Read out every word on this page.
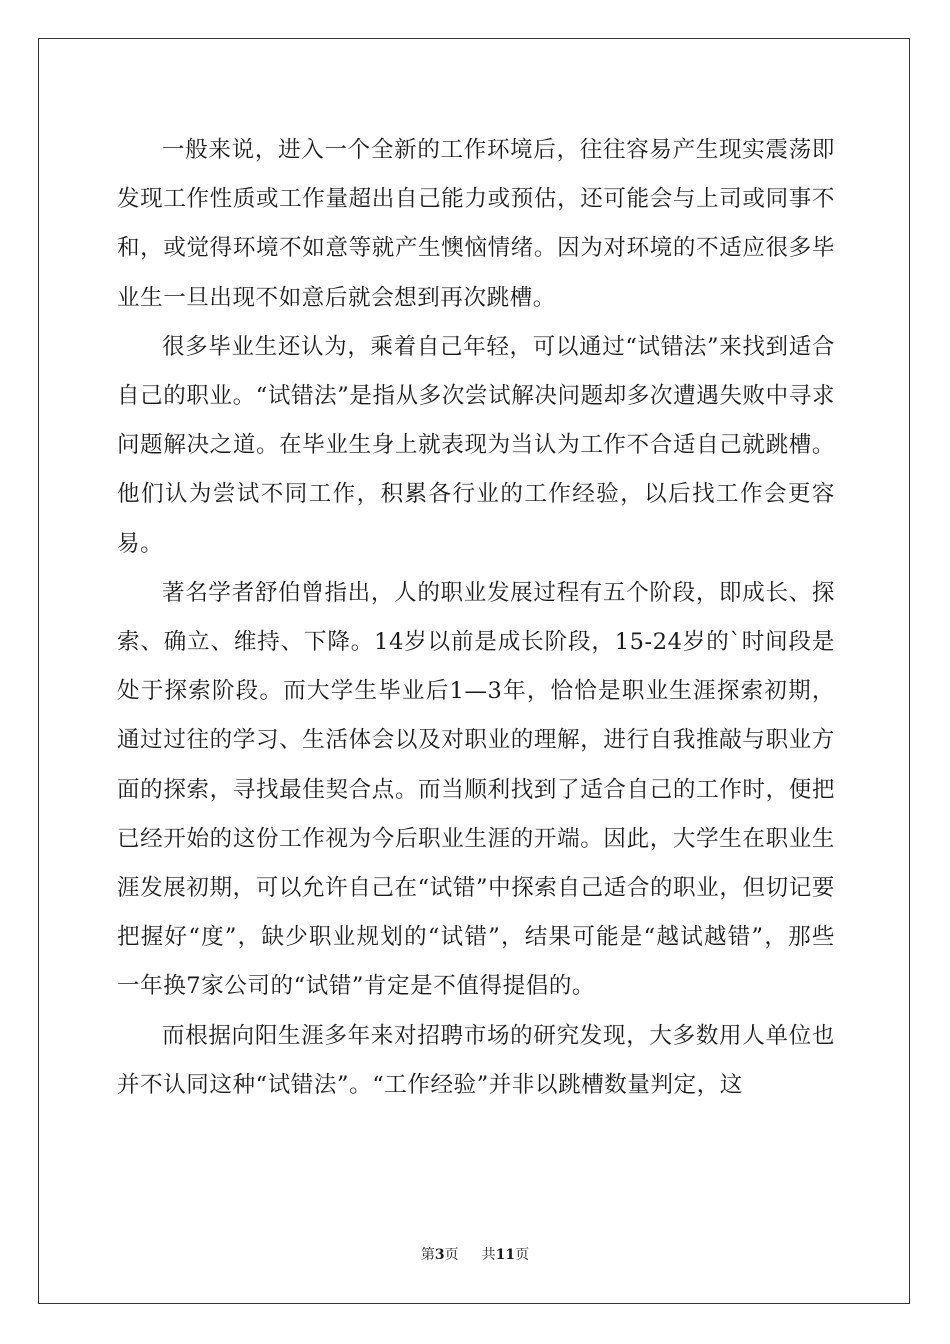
一般来说，进入一个全新的工作环境后，往往容易产生现实震荡即发现工作性质或工作量超出自己能力或预估，还可能会与上司或同事不和，或觉得环境不如意等就产生懊恼情绪。因为对环境的不适应很多毕业生一旦出现不如意后就会想到再次跳槽。

很多毕业生还认为，乘着自己年轻，可以通过“试错法”来找到适合自己的职业。“试错法”是指从多次尝试解决问题却多次遭遇失败中寻求问题解决之道。在毕业生身上就表现为当认为工作不合适自己就跳槽。他们认为尝试不同工作，积累各行业的工作经验，以后找工作会更容易。

著名学者舒伯曾指出，人的职业发展过程有五个阶段，即成长、探索、确立、维持、下降。14岁以前是成长阶段，15-24岁的`时间段是处于探索阶段。而大学生毕业后1—3年，恰恰是职业生涯探索初期，通过过往的学习、生活体会以及对职业的理解，进行自我推敲与职业方面的探索，寻找最佳契合点。而当顺利找到了适合自己的工作时，便把已经开始的这份工作视为今后职业生涯的开端。因此，大学生在职业生涯发展初期，可以允许自己在“试错”中探索自己适合的职业，但切记要把握好“度”，缺少职业规划的“试错”，结果可能是“越试越错”，那些一年换7家公司的“试错”肯定是不值得提倡的。

而根据向阳生涯多年来对招聘市场的研究发现，大多数用人单位也并不认同这种“试错法”。“工作经验”并非以跳槽数量判定，这

第3页 共11页
